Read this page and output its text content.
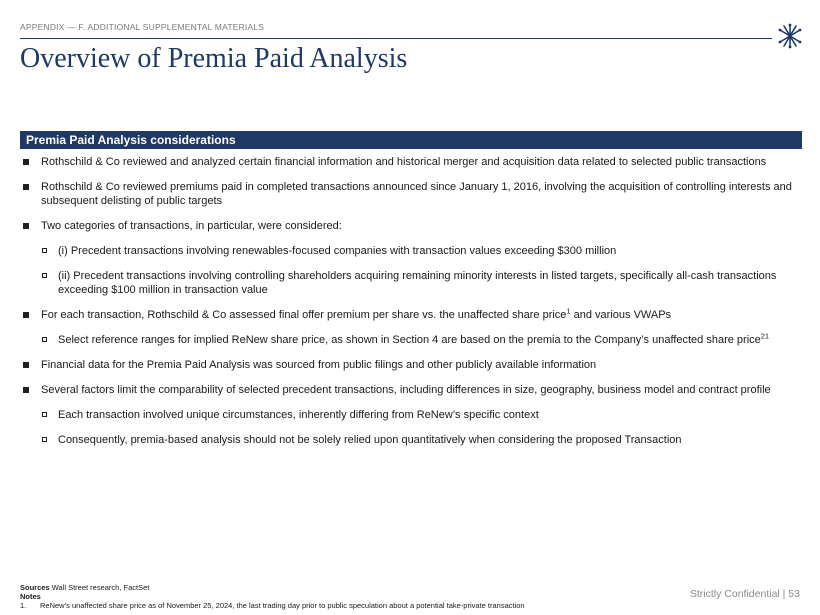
APPENDIX — F. ADDITIONAL SUPPLEMENTAL MATERIALS
Overview of Premia Paid Analysis
Premia Paid Analysis considerations
Rothschild & Co reviewed and analyzed certain financial information and historical merger and acquisition data related to selected public transactions
Rothschild & Co reviewed premiums paid in completed transactions announced since January 1, 2016, involving the acquisition of controlling interests and subsequent delisting of public targets
Two categories of transactions, in particular, were considered:
(i) Precedent transactions involving renewables-focused companies with transaction values exceeding $300 million
(ii) Precedent transactions involving controlling shareholders acquiring remaining minority interests in listed targets, specifically all-cash transactions exceeding $100 million in transaction value
For each transaction, Rothschild & Co assessed final offer premium per share vs. the unaffected share price$^1$ and various VWAPs
Select reference ranges for implied ReNew share price, as shown in Section 4 are based on the premia to the Company’s unaffected share price$^{21}$
Financial data for the Premia Paid Analysis was sourced from public filings and other publicly available information
Several factors limit the comparability of selected precedent transactions, including differences in size, geography, business model and contract profile
Each transaction involved unique circumstances, inherently differing from ReNew’s specific context
Consequently, premia-based analysis should not be solely relied upon quantitatively when considering the proposed Transaction
Sources Wall Street research, FactSet
Notes
1. ReNew’s unaffected share price as of November 25, 2024, the last trading day prior to public speculation about a potential take-private transaction
Strictly Confidential | 53
